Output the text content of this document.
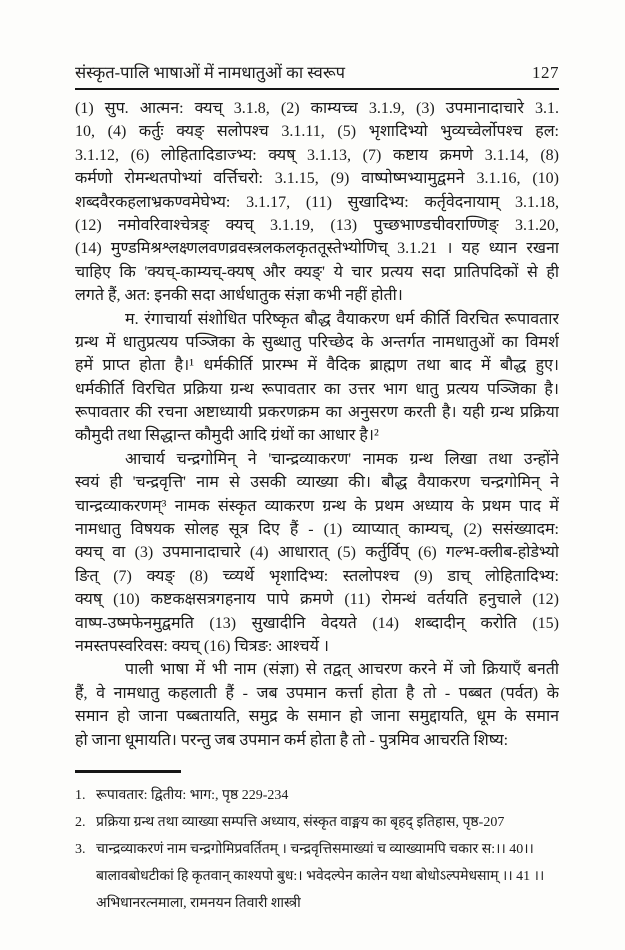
संस्कृत-पालि भाषाओं में नामधातुओं का स्वरूप	127
(1) सुप. आत्मन: क्यच् 3.1.8, (2) काम्यच्च 3.1.9, (3) उपमानादाचारे 3.1.
10, (4) कर्तुः क्यङ् सलोपश्च 3.1.11, (5) भृशादिभ्यो भुव्यच्वेर्लोपश्च हल:
3.1.12, (6) लोहितादिडाज्भ्य: क्यष् 3.1.13, (7) कष्टाय क्रमणे 3.1.14, (8)
कर्मणो रोमन्थतपोभ्यां वर्त्तिचरो: 3.1.15, (9) वाष्पोष्मभ्यामुद्वमने 3.1.16, (10)
शब्दवैरकहलाभ्रकण्वमेघेभ्य: 3.1.17, (11) सुखादिभ्य: कर्तृवेदनायाम् 3.1.18,
(12) नमोवरिवाश्चेत्रङ् क्यच् 3.1.19, (13) पुच्छभाण्डचीवराण्णिङ् 3.1.20,
(14) मुण्डमिश्रश्लक्ष्णलवणव्रवस्त्रलकलकृततूस्तेभ्योणिच् 3.1.21 । यह ध्यान रखना
चाहिए कि 'क्यच्-काम्यच्-क्यष् और क्यङ्' ये चार प्रत्यय सदा प्रातिपदिकों से ही
लगते हैं, अत: इनकी सदा आर्धधातुक संज्ञा कभी नहीं होती।
म. रंगाचार्या संशोधित परिष्कृत बौद्ध वैयाकरण धर्म कीर्ति विरचित रूपावतार
ग्रन्थ में धातुप्रत्यय पञ्जिका के सुब्धातु परिच्छेद के अन्तर्गत नामधातुओं का विमर्श
हमें प्राप्त होता है।¹ धर्मकीर्ति प्रारम्भ में वैदिक ब्राह्मण तथा बाद में बौद्ध हुए।
धर्मकीर्ति विरचित प्रक्रिया ग्रन्थ रूपावतार का उत्तर भाग धातु प्रत्यय पञ्जिका है।
रूपावतार की रचना अष्टाध्यायी प्रकरणक्रम का अनुसरण करती है। यही ग्रन्थ प्रक्रिया
कौमुदी तथा सिद्धान्त कौमुदी आदि ग्रंथों का आधार है।²
आचार्य चन्द्रगोमिन् ने 'चान्द्रव्याकरण' नामक ग्रन्थ लिखा तथा उन्होंने
स्वयं ही 'चन्द्रवृत्ति' नाम से उसकी व्याख्या की। बौद्ध वैयाकरण चन्द्रगोमिन् ने
चान्द्रव्याकरणम्³ नामक संस्कृत व्याकरण ग्रन्थ के प्रथम अध्याय के प्रथम पाद में
नामधातु विषयक सोलह सूत्र दिए हैं - (1) व्याप्यात् काम्यच्, (2) ससंख्यादम:
क्यच् वा (3) उपमानादाचारे (4) आधारात् (5) कर्तुर्विप् (6) गल्भ-क्लीब-होडेभ्यो
ङित् (7) क्यङ् (8) च्व्यर्थे भृशादिभ्य: स्तलोपश्च (9) डाच् लोहितादिभ्य:
क्यष् (10) कष्टकक्षसत्रगहनाय पापे क्रमणे (11) रोमन्थं वर्तयति हनुचाले (12)
वाष्प-उष्मफेनमुद्वमति (13) सुखादीनि वेदयते (14) शब्दादीन् करोति (15)
नमस्तपस्वरिवस: क्यच् (16) चित्रङ: आश्चर्ये ।
पाली भाषा में भी नाम (संज्ञा) से तद्वत् आचरण करने में जो क्रियाएँ बनती
हैं, वे नामधातु कहलाती हैं - जब उपमान कर्त्ता होता है तो - पब्बत (पर्वत) के
समान हो जाना पब्बतायति, समुद्र के समान हो जाना समुद्दायति, धूम के समान
हो जाना धूमायति। परन्तु जब उपमान कर्म होता है तो - पुत्रमिव आचरति शिष्य:
1. रूपावतार: द्वितीय: भाग:, पृष्ठ 229-234
2. प्रक्रिया ग्रन्थ तथा व्याख्या सम्पत्ति अध्याय, संस्कृत वाङ्मय का बृहद् इतिहास, पृष्ठ-207
3. चान्द्रव्याकरणं नाम चन्द्रगोमिप्रवर्तितम् । चन्द्रवृत्तिसमाख्यां च व्याख्यामपि चकार स:।। 40।।
बालावबोधटीकां हि कृतवान् काश्यपो बुध:। भवेदल्पेन कालेन यथा बोधोऽल्पमेधसाम् ।। 41 ।।
अभिधानरत्नमाला, रामनयन तिवारी शास्त्री
